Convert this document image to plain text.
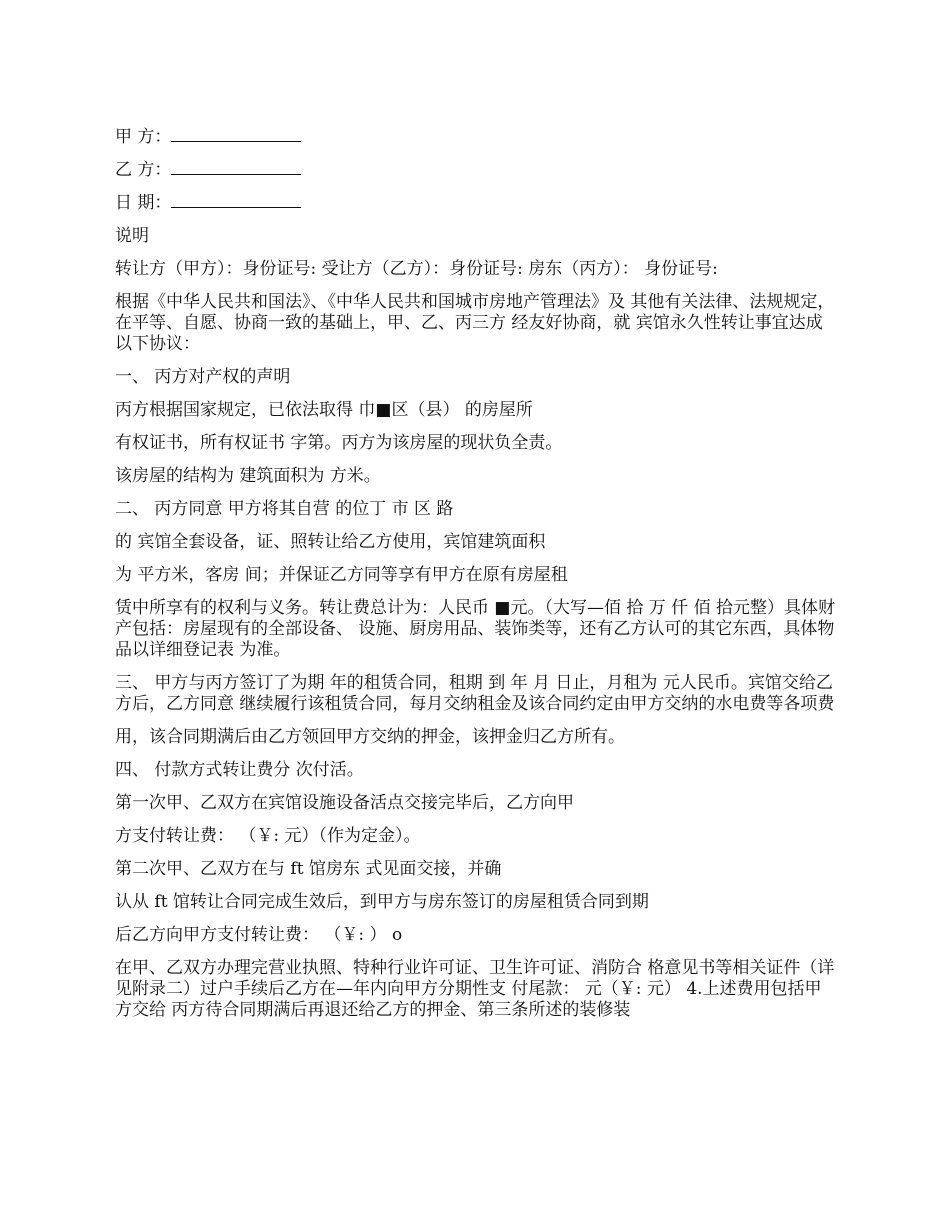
甲 方：

乙 方：

日 期：

说明

转让方（甲方）：身份证号: 受让方（乙方）：身份证号: 房东（丙方）： 身份证号:

根据《中华人民共和国法》、《中华人民共和国城市房地产管理法》及 其他有关法律、法规规定，在平等、自愿、协商一致的基础上，甲、乙、丙三方 经友好协商，就 宾馆永久性转让事宜达成以下协议：

一、 丙方对产权的声明

丙方根据国家规定，已依法取得 巾■区（县） 的房屋所

有权证书，所有权证书 字第。丙方为该房屋的现状负全责。

该房屋的结构为 建筑面积为 方米。

二、 丙方同意 甲方将其自营 的位丁 市 区 路

的 宾馆全套设备，证、照转让给乙方使用，宾馆建筑面积

为 平方米，客房 间；并保证乙方同等享有甲方在原有房屋租

赁中所享有的权利与义务。转让费总计为：人民币 ■元。（大写—佰 拾 万 仟 佰 拾元整）具体财产包括：房屋现有的全部设备、 设施、厨房用品、装饰类等，还有乙方认可的其它东西，具体物品以详细登记表 为准。

三、 甲方与丙方签订了为期 年的租赁合同，租期 到 年 月 日止，月租为 元人民币。宾馆交给乙方后，乙方同意 继续履行该租赁合同，每月交纳租金及该合同约定由甲方交纳的水电费等各项费

用，该合同期满后由乙方领回甲方交纳的押金，该押金归乙方所有。

四、 付款方式转让费分 次付活。

第一次甲、乙双方在宾馆设施设备活点交接完毕后，乙方向甲

方支付转让费： （￥: 元）（作为定金）。

第二次甲、乙双方在与 ft 馆房东 式见面交接，并确

认从 ft 馆转让合同完成生效后，到甲方与房东签订的房屋租赁合同到期

后乙方向甲方支付转让费： （￥: ） o

在甲、乙双方办理完营业执照、特种行业许可证、卫生许可证、消防合 格意见书等相关证件（详见附录二）过户手续后乙方在—年内向甲方分期性支 付尾款： 元（￥: 元） 4.上述费用包括甲方交给 丙方待合同期满后再退还给乙方的押金、第三条所述的装修装
